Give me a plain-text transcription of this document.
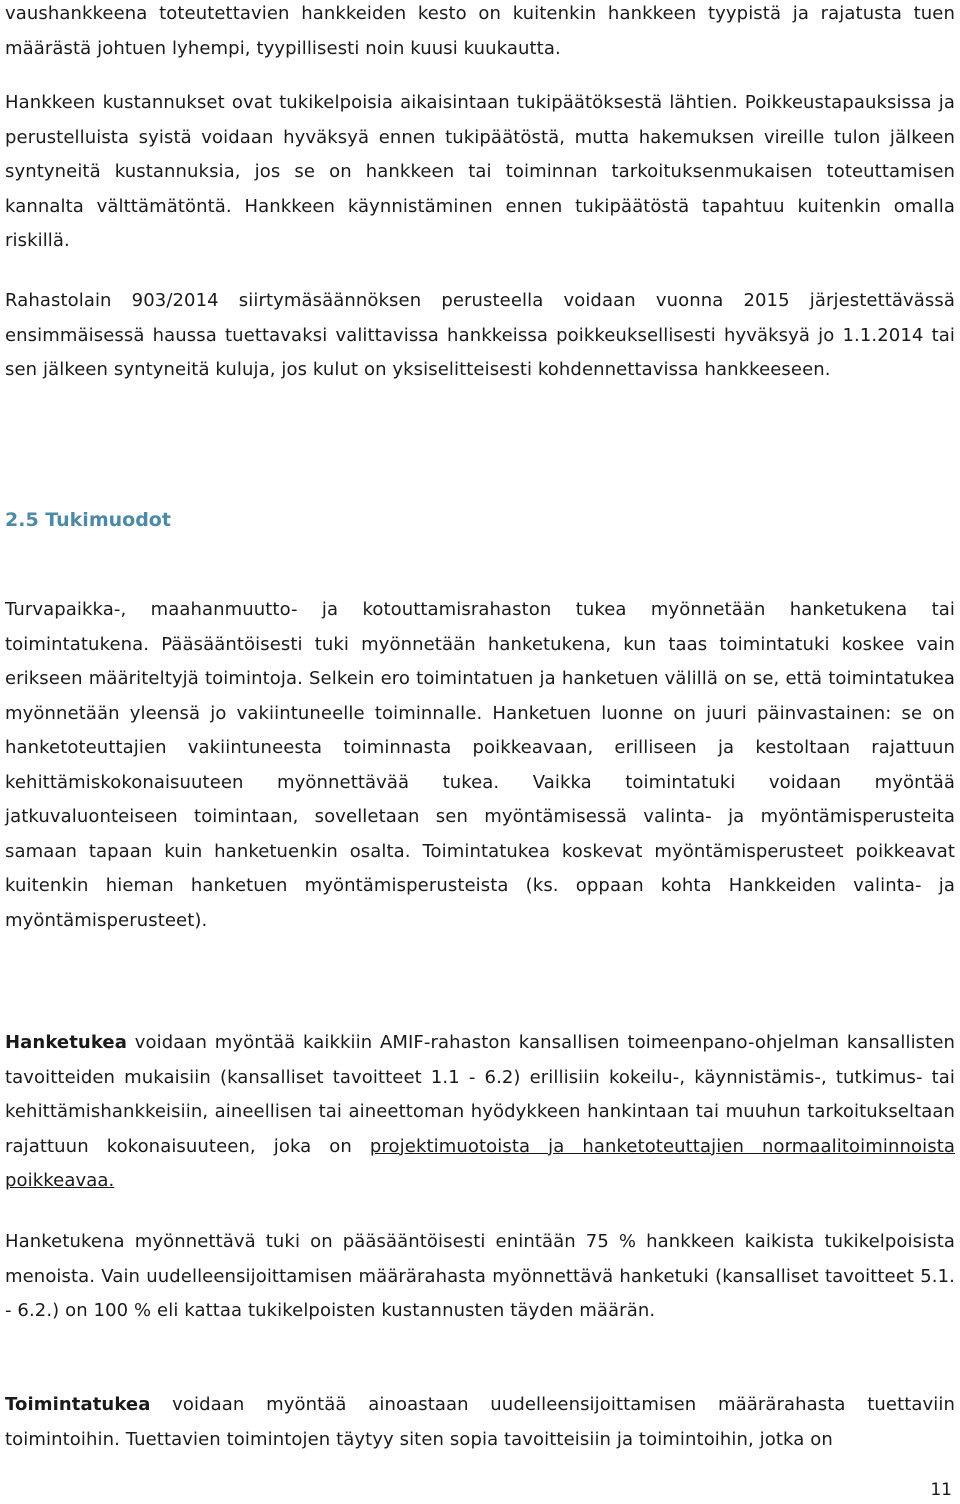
vaushankkeena toteutettavien hankkeiden kesto on kuitenkin hankkeen tyypistä ja rajatusta tuen määrästä johtuen lyhempi, tyypillisesti noin kuusi kuukautta.

Hankkeen kustannukset ovat tukikelpoisia aikaisintaan tukipäätöksestä lähtien. Poikkeustapauksissa ja perustelluista syistä voidaan hyväksyä ennen tukipäätöstä, mutta hakemuksen vireille tulon jälkeen syntyneitä kustannuksia, jos se on hankkeen tai toiminnan tarkoituksenmukaisen toteuttamisen kannalta välttämätöntä. Hankkeen käynnistäminen ennen tukipäätöstä tapahtuu kuitenkin omalla riskillä.

Rahastolain 903/2014 siirtymäsäännöksen perusteella voidaan vuonna 2015 järjestettävässä ensimmäisessä haussa tuettavaksi valittavissa hankkeissa poikkeuksellisesti hyväksyä jo 1.1.2014 tai sen jälkeen syntyneitä kuluja, jos kulut on yksiselitteisesti kohdennettavissa hankkeeseen.

2.5 Tukimuodot

Turvapaikka-, maahanmuutto- ja kotouttamisrahaston tukea myönnetään hanketukena tai toimintatukena. Pääsääntöisesti tuki myönnetään hanketukena, kun taas toimintatuki koskee vain erikseen määriteltyjä toimintoja. Selkein ero toimintatuen ja hanketuen välillä on se, että toimintatukea myönnetään yleensä jo vakiintuneelle toiminnalle. Hanketuen luonne on juuri päinvastainen: se on hanketoteuttajien vakiintuneesta toiminnasta poikkeavaan, erilliseen ja kestoltaan rajattuun kehittämiskokonaisuuteen myönnettävää tukea. Vaikka toimintatuki voidaan myöntää jatkuvaluonteiseen toimintaan, sovelletaan sen myöntämisessä valinta- ja myöntämisperusteita samaan tapaan kuin hanketuenkin osalta. Toimintatukea koskevat myöntämisperusteet poikkeavat kuitenkin hieman hanketuen myöntämisperusteista (ks. oppaan kohta Hankkeiden valinta- ja myöntämisperusteet).

Hanketukea voidaan myöntää kaikkiin AMIF-rahaston kansallisen toimeenpano-ohjelman kansallisten tavoitteiden mukaisiin (kansalliset tavoitteet 1.1 - 6.2) erillisiin kokeilu-, käynnistämis-, tutkimus- tai kehittämishankkeisiin, aineellisen tai aineettoman hyödykkeen hankintaan tai muuhun tarkoitukseltaan rajattuun kokonaisuuteen, joka on projektimuotoista ja hanketoteuttajien normaalitoiminnoista poikkeavaa.

Hanketukena myönnettävä tuki on pääsääntöisesti enintään 75 % hankkeen kaikista tukikelpoisista menoista. Vain uudelleensijoittamisen määrärahasta myönnettävä hanketuki (kansalliset tavoitteet 5.1. - 6.2.) on 100 % eli kattaa tukikelpoisten kustannusten täyden määrän.

Toimintatukea voidaan myöntää ainoastaan uudelleensijoittamisen määrärahasta tuettaviin toimintoihin. Tuettavien toimintojen täytyy siten sopia tavoitteisiin ja toimintoihin, jotka on

11
